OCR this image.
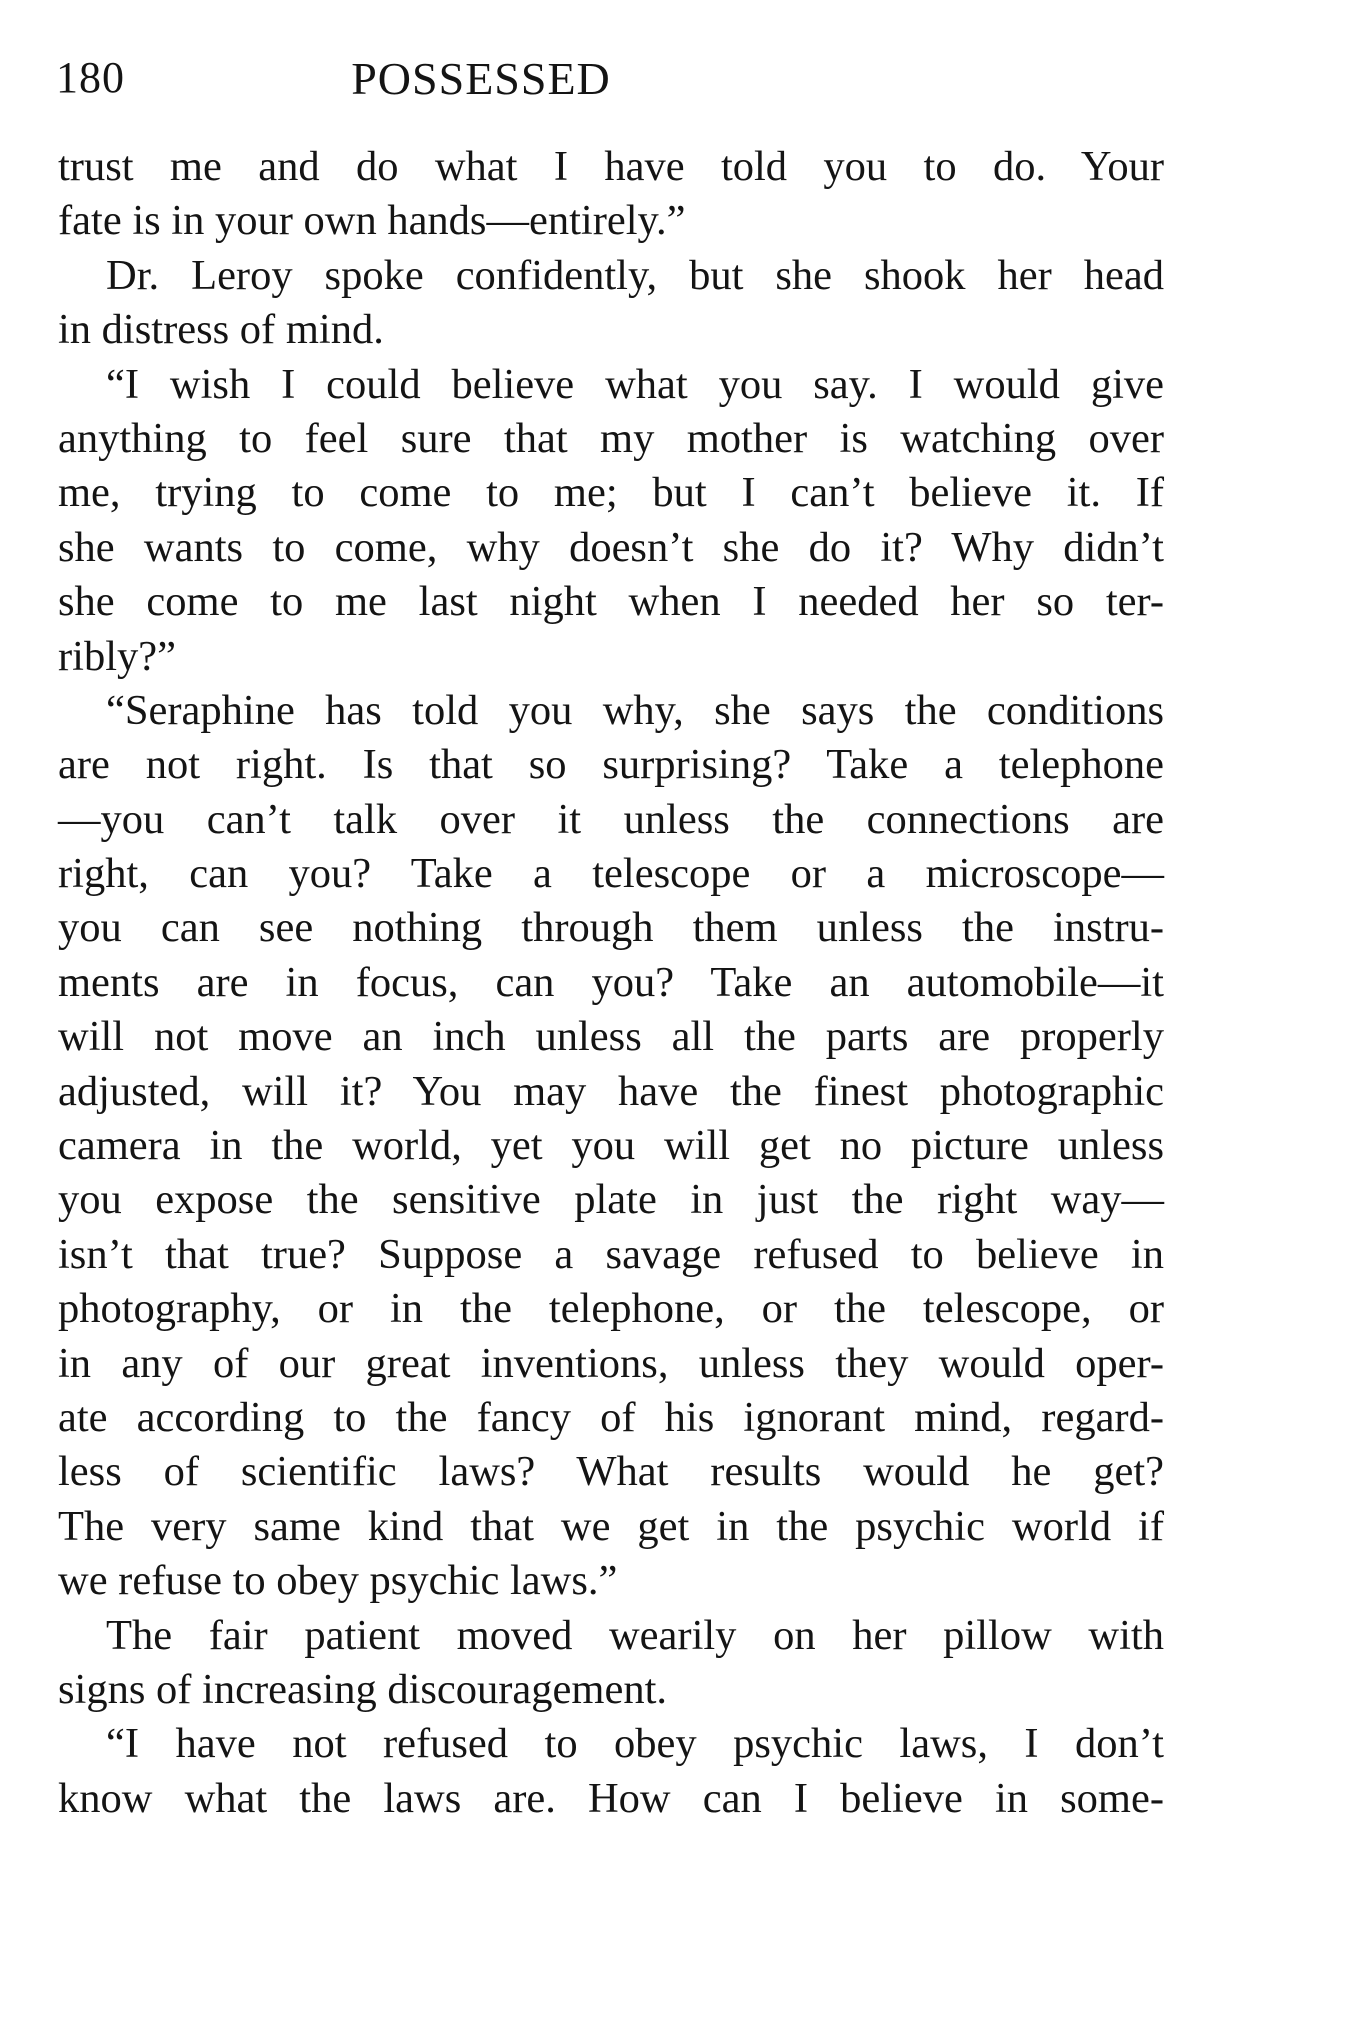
180	POSSESSED
trust me and do what I have told you to do. Your
fate is in your own hands—entirely.”
Dr. Leroy spoke confidently, but she shook her head
in distress of mind.
“I wish I could believe what you say. I would give
anything to feel sure that my mother is watching over
me, trying to come to me; but I can’t believe it. If
she wants to come, why doesn’t she do it? Why didn’t
she come to me last night when I needed her so ter-
ribly?”
“Seraphine has told you why, she says the conditions
are not right. Is that so surprising? Take a telephone
—you can’t talk over it unless the connections are
right, can you? Take a telescope or a microscope—
you can see nothing through them unless the instru-
ments are in focus, can you? Take an automobile—it
will not move an inch unless all the parts are properly
adjusted, will it? You may have the finest photographic
camera in the world, yet you will get no picture unless
you expose the sensitive plate in just the right way—
isn’t that true? Suppose a savage refused to believe in
photography, or in the telephone, or the telescope, or
in any of our great inventions, unless they would oper-
ate according to the fancy of his ignorant mind, regard-
less of scientific laws? What results would he get?
The very same kind that we get in the psychic world if
we refuse to obey psychic laws.”
The fair patient moved wearily on her pillow with
signs of increasing discouragement.
“I have not refused to obey psychic laws, I don’t
know what the laws are. How can I believe in some-
